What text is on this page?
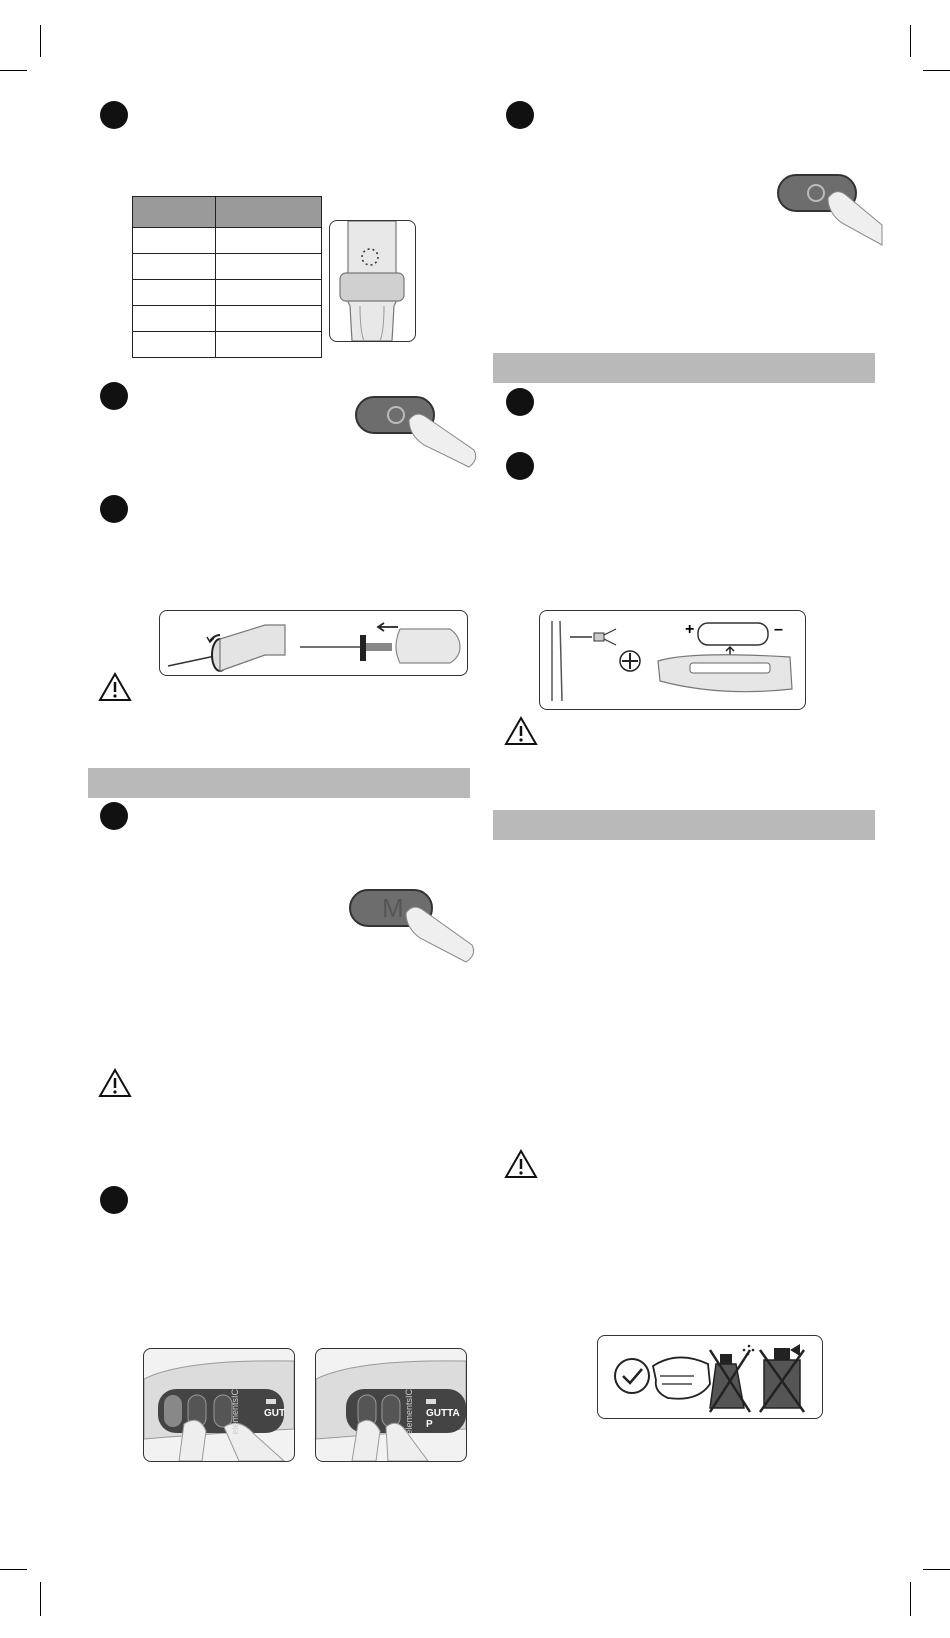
M
elementsIC GUT	elementsIC GUTTA P
+	–
